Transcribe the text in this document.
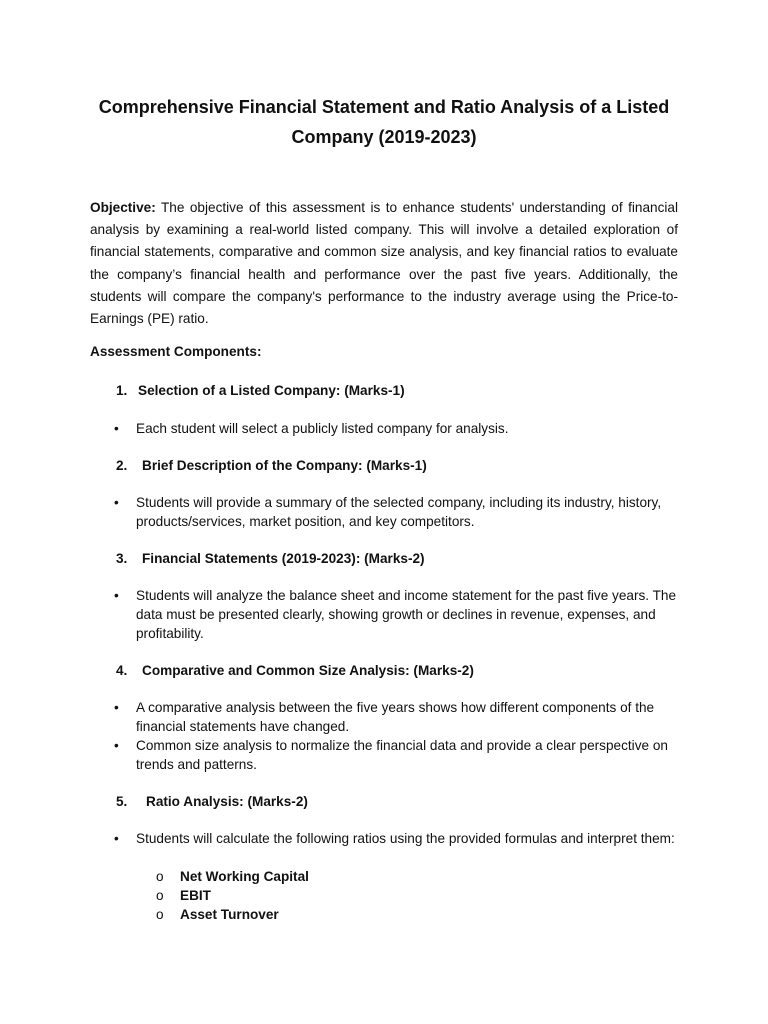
Comprehensive Financial Statement and Ratio Analysis of a Listed Company (2019-2023)
Objective: The objective of this assessment is to enhance students' understanding of financial analysis by examining a real-world listed company. This will involve a detailed exploration of financial statements, comparative and common size analysis, and key financial ratios to evaluate the company’s financial health and performance over the past five years. Additionally, the students will compare the company's performance to the industry average using the Price-to-Earnings (PE) ratio.
Assessment Components:
1. Selection of a Listed Company: (Marks-1)
• Each student will select a publicly listed company for analysis.
2. Brief Description of the Company: (Marks-1)
• Students will provide a summary of the selected company, including its industry, history, products/services, market position, and key competitors.
3. Financial Statements (2019-2023): (Marks-2)
• Students will analyze the balance sheet and income statement for the past five years. The data must be presented clearly, showing growth or declines in revenue, expenses, and profitability.
4. Comparative and Common Size Analysis: (Marks-2)
• A comparative analysis between the five years shows how different components of the financial statements have changed.
• Common size analysis to normalize the financial data and provide a clear perspective on trends and patterns.
5. Ratio Analysis: (Marks-2)
• Students will calculate the following ratios using the provided formulas and interpret them:
o Net Working Capital
o EBIT
o Asset Turnover
